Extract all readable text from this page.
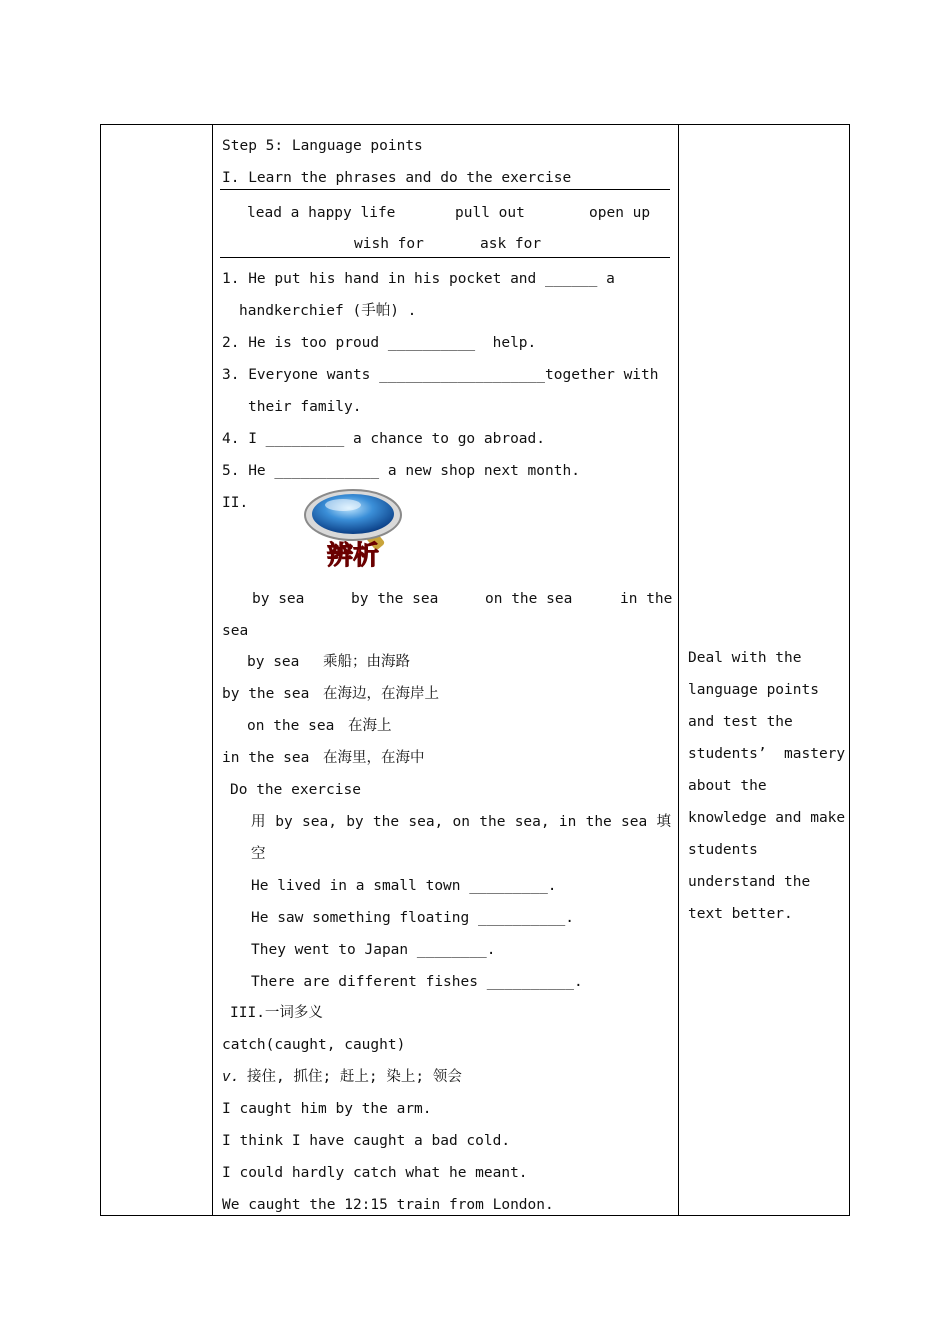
Step 5: Language points
I. Learn the phrases and do the exercise
lead a happy life	pull out	open up
wish for	ask for
1. He put his hand in his pocket and ______ a
handkerchief (手帕) .
2. He is too proud __________  help.
3. Everyone wants ___________________together with
their family.
4. I _________ a chance to go abroad.
5. He ____________ a new shop next month.
II.
辨析
by sea	by the sea	on the sea	in the
sea
by sea 乘船；由海路
by the sea 在海边，在海岸上
on the sea 在海上
in the sea 在海里，在海中
Do the exercise
用 by sea, by the sea, on the sea, in the sea 填
空
He lived in a small town _________.
He saw something floating __________.
They went to Japan ________.
There are different fishes __________.
III.一词多义
catch(caught, caught)
v. 接住, 抓住; 赶上; 染上; 领会
I caught him by the arm.
I think I have caught a bad cold.
I could hardly catch what he meant.
We caught the 12:15 train from London.
Deal with the
language points
and test the
students’  mastery
about the
knowledge and make
students
understand the
text better.
